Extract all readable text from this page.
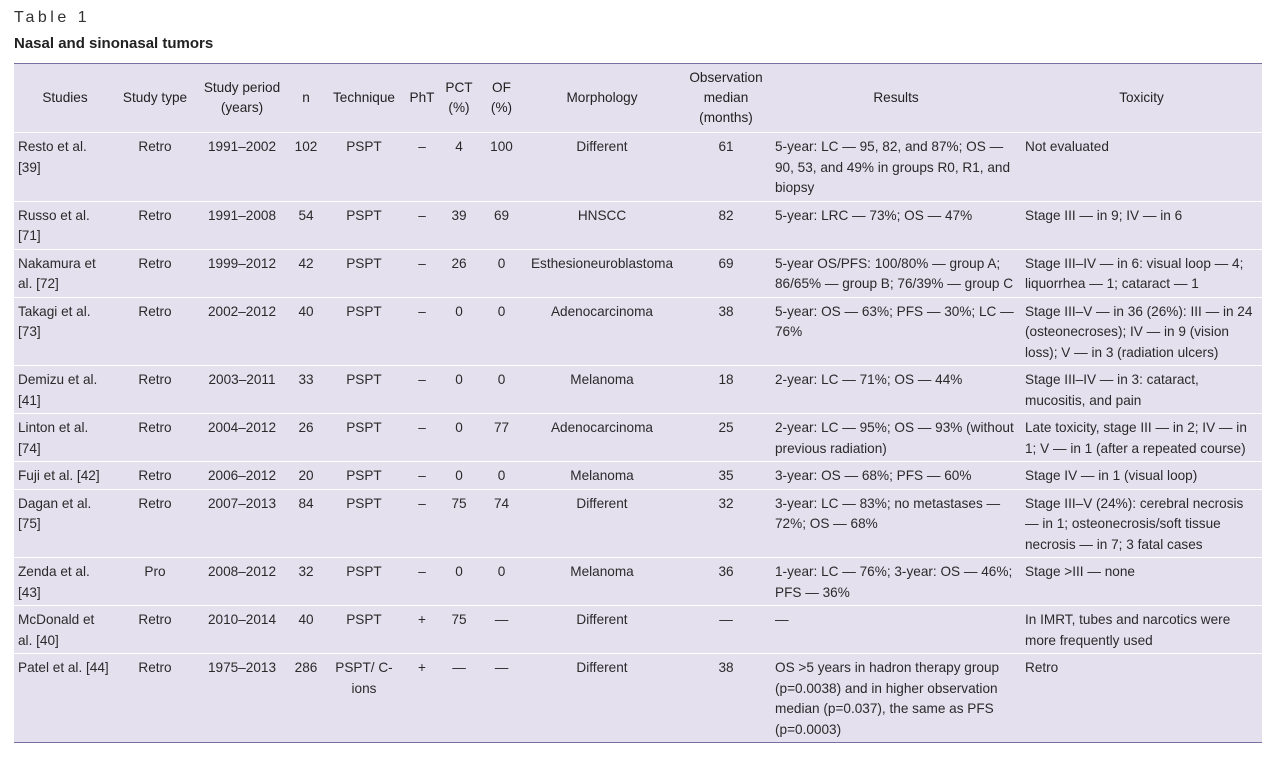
Table 1
Nasal and sinonasal tumors
Studies	Study type	Study period
(years)	n	Technique	PhT	PCT
(%)	OF
(%)	Morphology	Observation
median
(months)	Results	Toxicity

Resto et al. [39]	Retro	1991–2002	102	PSPT	–	4	100	Different	61	5-year: LC — 95, 82, and 87%; OS — 90, 53, and 49% in groups R0, R1, and biopsy	Not evaluated
Russo et al. [71]	Retro	1991–2008	54	PSPT	–	39	69	HNSCC	82	5-year: LRC — 73%; OS — 47%	Stage III — in 9; IV — in 6
Nakamura et al. [72]	Retro	1999–2012	42	PSPT	–	26	0	Esthesioneuroblastoma	69	5-year OS/PFS: 100/80% — group A; 86/65% — group B; 76/39% — group C	Stage III–IV — in 6: visual loop — 4; liquorrhea — 1; cataract — 1
Takagi et al. [73]	Retro	2002–2012	40	PSPT	–	0	0	Adenocarcinoma	38	5-year: OS — 63%; PFS — 30%; LC — 76%	Stage III–V — in 36 (26%): III — in 24 (osteonecroses); IV — in 9 (vision loss); V — in 3 (radiation ulcers)
Demizu et al. [41]	Retro	2003–2011	33	PSPT	–	0	0	Melanoma	18	2-year: LC — 71%; OS — 44%	Stage III–IV — in 3: cataract, mucositis, and pain
Linton et al. [74]	Retro	2004–2012	26	PSPT	–	0	77	Adenocarcinoma	25	2-year: LC — 95%; OS — 93% (without previous radiation)	Late toxicity, stage III — in 2; IV — in 1; V — in 1 (after a repeated course)
Fuji et al. [42]	Retro	2006–2012	20	PSPT	–	0	0	Melanoma	35	3-year: OS — 68%; PFS — 60%	Stage IV — in 1 (visual loop)
Dagan et al. [75]	Retro	2007–2013	84	PSPT	–	75	74	Different	32	3-year: LC — 83%; no metastases — 72%; OS — 68%	Stage III–V (24%): cerebral necrosis — in 1; osteonecrosis/soft tissue necrosis — in 7; 3 fatal cases
Zenda et al. [43]	Pro	2008–2012	32	PSPT	–	0	0	Melanoma	36	1-year: LC — 76%; 3-year: OS — 46%; PFS — 36%	Stage >III — none
McDonald et al. [40]	Retro	2010–2014	40	PSPT	+	75	—	Different	—	—	In IMRT, tubes and narcotics were more frequently used
Patel et al. [44]	Retro	1975–2013	286	PSPT/ C-ions	+	—	—	Different	38	OS >5 years in hadron therapy group (p=0.0038) and in higher observation median (p=0.037), the same as PFS (p=0.0003)	Retro
